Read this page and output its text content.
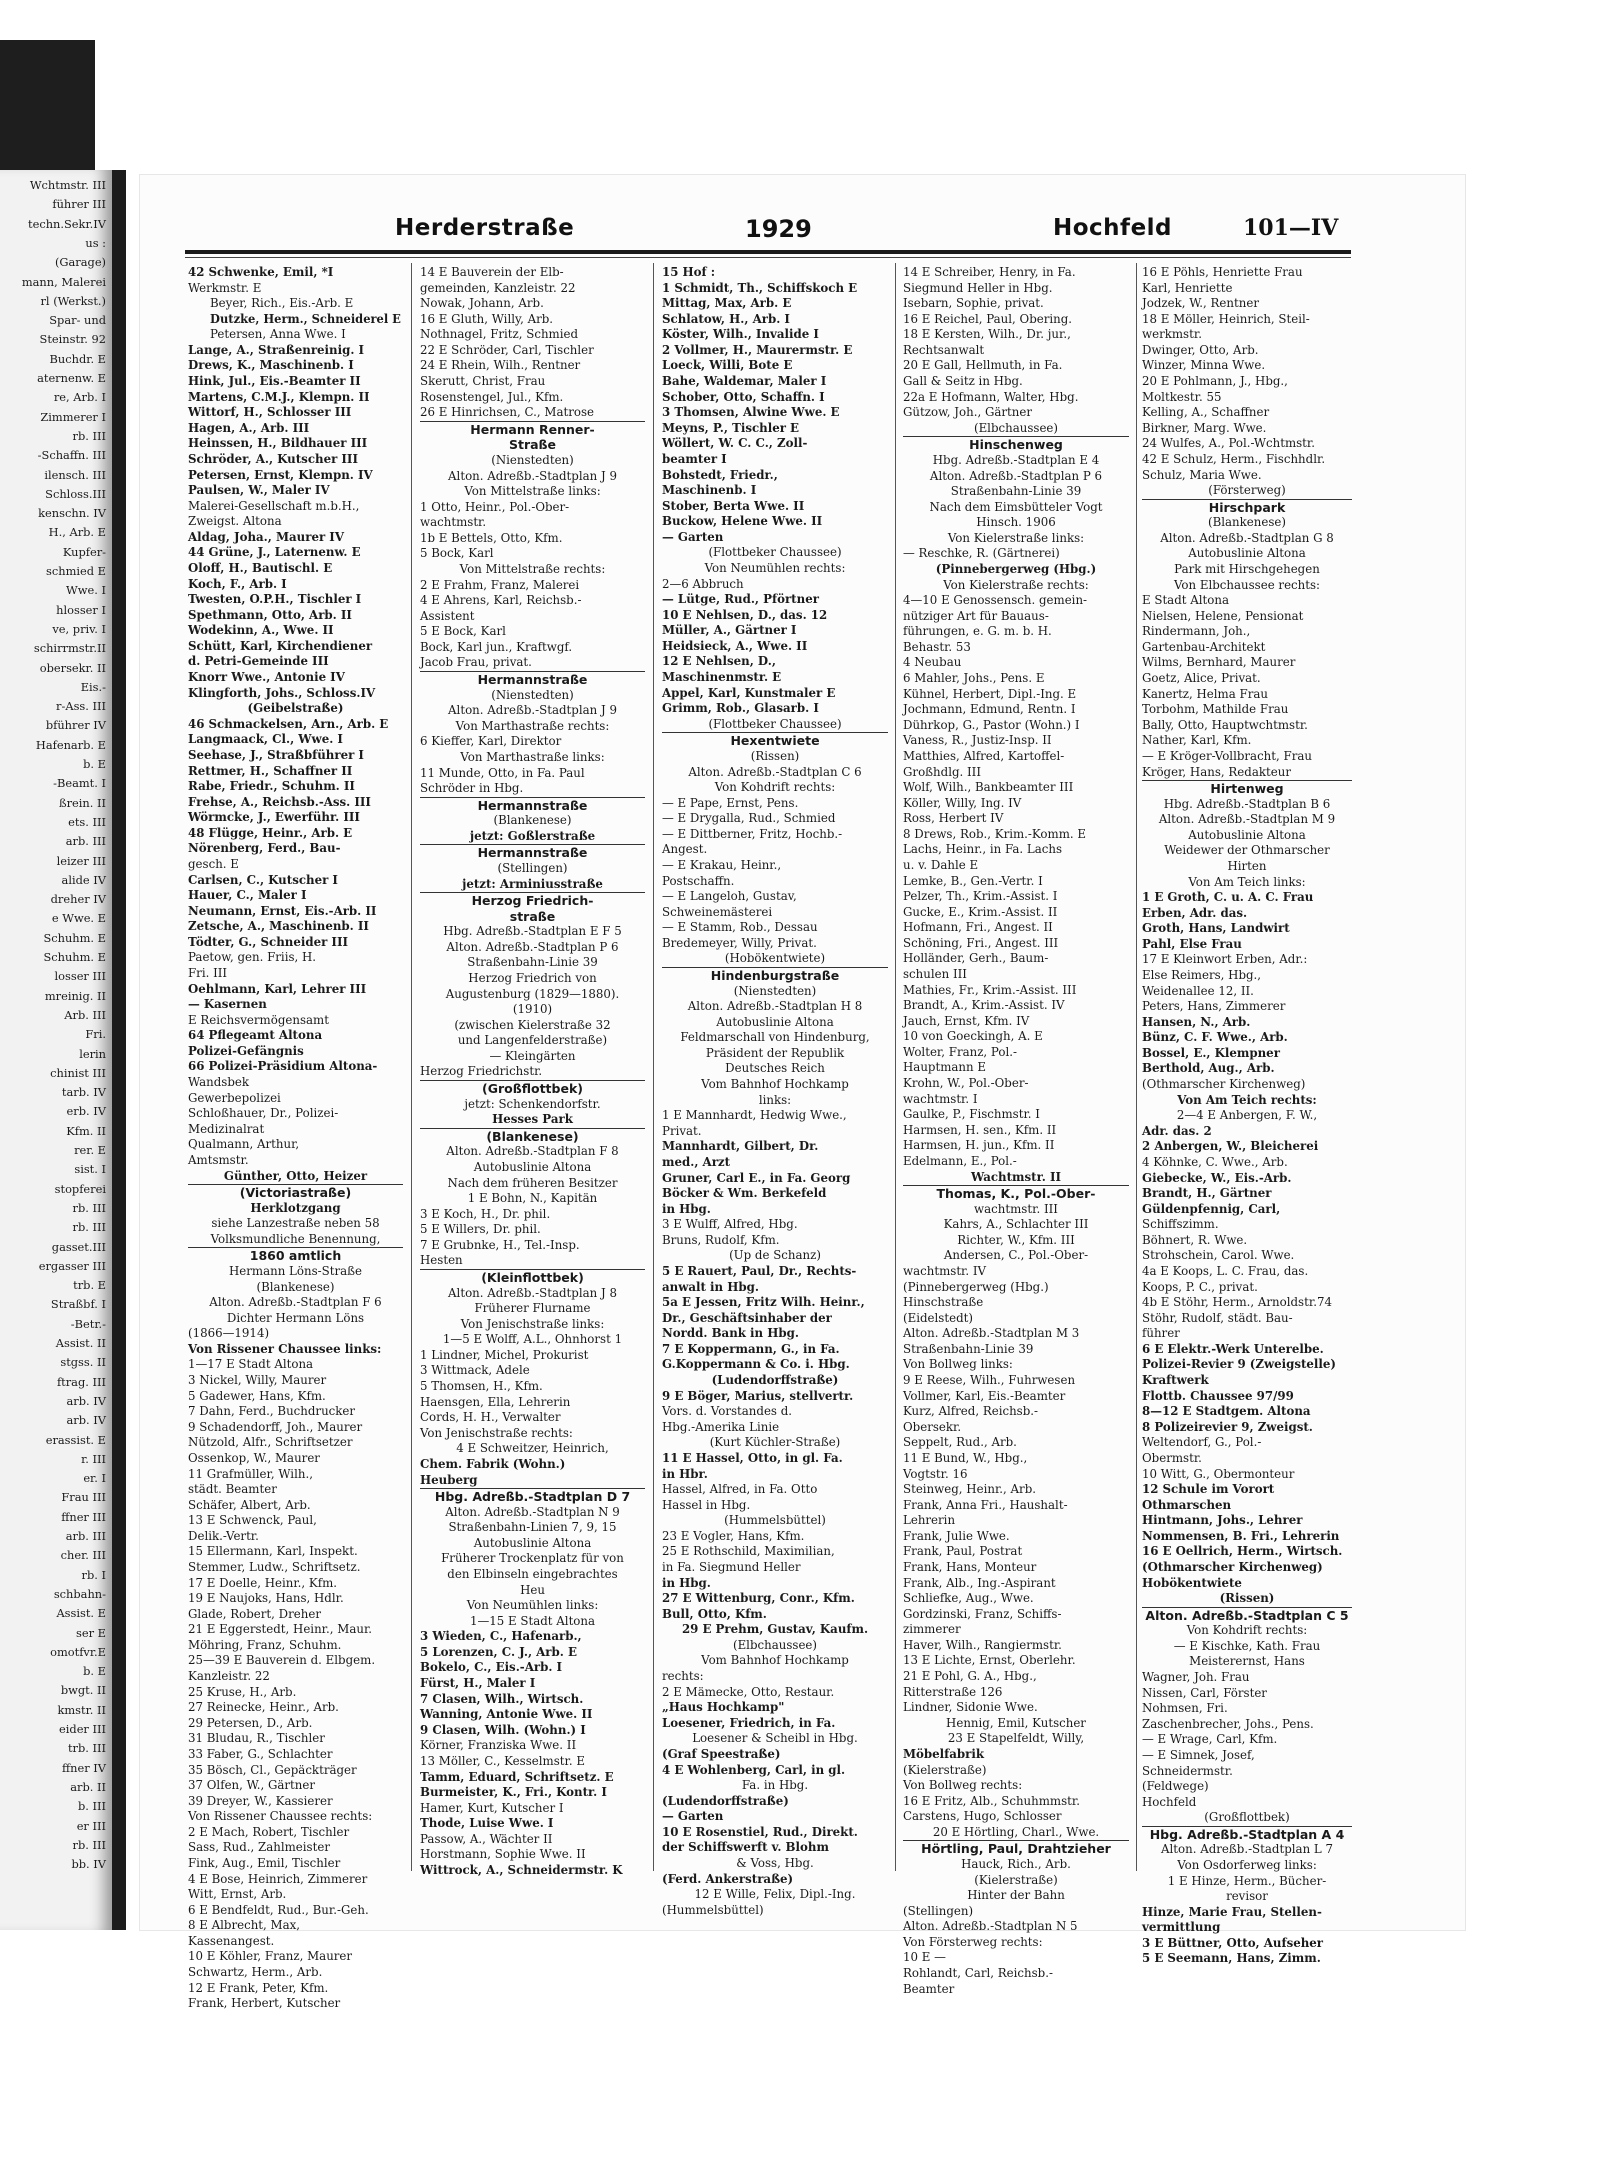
Wchtmstr. III
führer III
techn.Sekr.IV
us :
(Garage)
mann, Malerei
rl (Werkst.)
Spar- und
Steinstr. 92
Buchdr. E
aternenw. E
re, Arb. I
Zimmerer I
rb. III
-Schaffn. III
ilensch. III
Schloss.III
kenschn. IV
H., Arb. E
Kupfer-
schmied E
Wwe. I
hlosser I
ve, priv. I
schirrmstr.II
obersekr. II
Eis.-
r-Ass. III
bführer IV
Hafenarb. E
b. E
-Beamt. I
ßrein. II
ets. III
arb. III
leizer III
alide IV
dreher IV
e Wwe. E
Schuhm. E
Schuhm. E
losser III
mreinig. II
Arb. III
Fri.
lerin
chinist III
tarb. IV
erb. IV
Kfm. II
rer. E
sist. I
stopferei
rb. III
rb. III
gasset.III
ergasser III
trb. E
Straßbf. I
-Betr.-
Assist. II
stgss. II
ftrag. III
arb. IV
arb. IV
erassist. E
r. III
er. I
Frau III
ffner III
arb. III
cher. III
rb. I
schbahn-
Assist. E
ser E
omotfvr.E
b. E
bwgt. II
kmstr. II
eider III
trb. III
ffner IV
arb. II
b. III
er III
rb. III
bb. IV
Herderstraße	1929	Hochfeld	101—IV
42 Schwenke, Emil, *I
Werkmstr. E
Beyer, Rich., Eis.-Arb. E
Dutzke, Herm., Schneiderel E
Petersen, Anna Wwe. I
Lange, A., Straßenreinig. I
Drews, K., Maschinenb. I
Hink, Jul., Eis.-Beamter II
Martens, C.M.J., Klempn. II
Wittorf, H., Schlosser III
Hagen, A., Arb. III
Heinssen, H., Bildhauer III
Schröder, A., Kutscher III
Petersen, Ernst, Klempn. IV
Paulsen, W., Maler IV
Malerei-Gesellschaft m.b.H.,
Zweigst. Altona
Aldag, Joha., Maurer IV
44 Grüne, J., Laternenw. E
Oloff, H., Bautischl. E
Koch, F., Arb. I
Twesten, O.P.H., Tischler I
Spethmann, Otto, Arb. II
Wodekinn, A., Wwe. II
Schütt, Karl, Kirchendiener
d. Petri-Gemeinde III
Knorr Wwe., Antonie IV
Klingforth, Johs., Schloss.IV
(Geibelstraße)
46 Schmackelsen, Arn., Arb. E
Langmaack, Cl., Wwe. I
Seehase, J., Straßbführer I
Rettmer, H., Schaffner II
Rabe, Friedr., Schuhm. II
Frehse, A., Reichsb.-Ass. III
Wörmcke, J., Ewerführ. III
48 Flügge, Heinr., Arb. E
Nörenberg, Ferd., Bau-
gesch. E
Carlsen, C., Kutscher I
Hauer, C., Maler I
Neumann, Ernst, Eis.-Arb. II
Zetsche, A., Maschinenb. II
Tödter, G., Schneider III
Paetow, gen. Friis, H.
Fri. III
Oehlmann, Karl, Lehrer III
— Kasernen
E Reichsvermögensamt
64 Pflegeamt Altona
Polizei-Gefängnis
66 Polizei-Präsidium Altona-
Wandsbek
Gewerbepolizei
Schloßhauer, Dr., Polizei-
Medizinalrat
Qualmann, Arthur,
Amtsmstr.
Günther, Otto, Heizer
(Victoriastraße)
Herklotzgang
siehe Lanzestraße neben 58
Volksmundliche Benennung,
1860 amtlich
Hermann Löns-Straße
(Blankenese)
Alton. Adreßb.-Stadtplan F 6
Dichter Hermann Löns
(1866—1914)
Von Rissener Chaussee links:
1—17 E Stadt Altona
3 Nickel, Willy, Maurer
5 Gadewer, Hans, Kfm.
7 Dahn, Ferd., Buchdrucker
9 Schadendorff, Joh., Maurer
Nützold, Alfr., Schriftsetzer
Ossenkop, W., Maurer
11 Grafmüller, Wilh.,
städt. Beamter
Schäfer, Albert, Arb.
13 E Schwenck, Paul,
Delik.-Vertr.
15 Ellermann, Karl, Inspekt.
Stemmer, Ludw., Schriftsetz.
17 E Doelle, Heinr., Kfm.
19 E Naujoks, Hans, Hdlr.
Glade, Robert, Dreher
21 E Eggerstedt, Heinr., Maur.
Möhring, Franz, Schuhm.
25—39 E Bauverein d. Elbgem.
Kanzleistr. 22
25 Kruse, H., Arb.
27 Reinecke, Heinr., Arb.
29 Petersen, D., Arb.
31 Bludau, R., Tischler
33 Faber, G., Schlachter
35 Bösch, Cl., Gepäckträger
37 Olfen, W., Gärtner
39 Dreyer, W., Kassierer
Von Rissener Chaussee rechts:
2 E Mach, Robert, Tischler
Sass, Rud., Zahlmeister
Fink, Aug., Emil, Tischler
4 E Bose, Heinrich, Zimmerer
Witt, Ernst, Arb.
6 E Bendfeldt, Rud., Bur.-Geh.
8 E Albrecht, Max,
Kassenangest.
10 E Köhler, Franz, Maurer
Schwartz, Herm., Arb.
12 E Frank, Peter, Kfm.
Frank, Herbert, Kutscher
14 E Bauverein der Elb-
gemeinden, Kanzleistr. 22
Nowak, Johann, Arb.
16 E Gluth, Willy, Arb.
Nothnagel, Fritz, Schmied
22 E Schröder, Carl, Tischler
24 E Rhein, Wilh., Rentner
Skerutt, Christ, Frau
Rosenstengel, Jul., Kfm.
26 E Hinrichsen, C., Matrose
Hermann Renner-
Straße
(Nienstedten)
Alton. Adreßb.-Stadtplan J 9
Von Mittelstraße links:
1 Otto, Heinr., Pol.-Ober-
wachtmstr.
1b E Bettels, Otto, Kfm.
5 Bock, Karl
Von Mittelstraße rechts:
2 E Frahm, Franz, Malerei
4 E Ahrens, Karl, Reichsb.-
Assistent
5 E Bock, Karl
Bock, Karl jun., Kraftwgf.
Jacob Frau, privat.
Hermannstraße
(Nienstedten)
Alton. Adreßb.-Stadtplan J 9
Von Marthastraße rechts:
6 Kieffer, Karl, Direktor
Von Marthastraße links:
11 Munde, Otto, in Fa. Paul
Schröder in Hbg.
Hermannstraße
(Blankenese)
jetzt: Goßlerstraße
Hermannstraße
(Stellingen)
jetzt: Arminiusstraße
Herzog Friedrich-
straße
Hbg. Adreßb.-Stadtplan E F 5
Alton. Adreßb.-Stadtplan P 6
Straßenbahn-Linie 39
Herzog Friedrich von
Augustenburg (1829—1880).
(1910)
(zwischen Kielerstraße 32
und Langenfelderstraße)
— Kleingärten
Herzog Friedrichstr.
(Großflottbek)
jetzt: Schenkendorfstr.
Hesses Park
(Blankenese)
Alton. Adreßb.-Stadtplan F 8
Autobuslinie Altona
Nach dem früheren Besitzer
1 E Bohn, N., Kapitän
3 E Koch, H., Dr. phil.
5 E Willers, Dr. phil.
7 E Grubnke, H., Tel.-Insp.
Hesten
(Kleinflottbek)
Alton. Adreßb.-Stadtplan J 8
Früherer Flurname
Von Jenischstraße links:
1—5 E Wolff, A.L., Ohnhorst 1
1 Lindner, Michel, Prokurist
3 Wittmack, Adele
5 Thomsen, H., Kfm.
Haensgen, Ella, Lehrerin
Cords, H. H., Verwalter
Von Jenischstraße rechts:
4 E Schweitzer, Heinrich,
Chem. Fabrik (Wohn.)
Heuberg
Hbg. Adreßb.-Stadtplan D 7
Alton. Adreßb.-Stadtplan N 9
Straßenbahn-Linien 7, 9, 15
Autobuslinie Altona
Früherer Trockenplatz für von
den Elbinseln eingebrachtes
Heu
Von Neumühlen links:
1—15 E Stadt Altona
3 Wieden, C., Hafenarb.,
5 Lorenzen, C. J., Arb. E
Bokelo, C., Eis.-Arb. I
Fürst, H., Maler I
7 Clasen, Wilh., Wirtsch.
Wanning, Antonie Wwe. II
9 Clasen, Wilh. (Wohn.) I
Körner, Franziska Wwe. II
13 Möller, C., Kesselmstr. E
Tamm, Eduard, Schriftsetz. E
Burmeister, K., Fri., Kontr. I
Hamer, Kurt, Kutscher I
Thode, Luise Wwe. I
Passow, A., Wächter II
Horstmann, Sophie Wwe. II
Wittrock, A., Schneidermstr. K
15 Hof :
1 Schmidt, Th., Schiffskoch E
Mittag, Max, Arb. E
Schlatow, H., Arb. I
Köster, Wilh., Invalide I
2 Vollmer, H., Maurermstr. E
Loeck, Willi, Bote E
Bahe, Waldemar, Maler I
Schober, Otto, Schaffn. I
3 Thomsen, Alwine Wwe. E
Meyns, P., Tischler E
Wöllert, W. C. C., Zoll-
beamter I
Bohstedt, Friedr.,
Maschinenb. I
Stober, Berta Wwe. II
Buckow, Helene Wwe. II
— Garten
(Flottbeker Chaussee)
Von Neumühlen rechts:
2—6 Abbruch
— Lütge, Rud., Pförtner
10 E Nehlsen, D., das. 12
Müller, A., Gärtner I
Heidsieck, A., Wwe. II
12 E Nehlsen, D.,
Maschinenmstr. E
Appel, Karl, Kunstmaler E
Grimm, Rob., Glasarb. I
(Flottbeker Chaussee)
Hexentwiete
(Rissen)
Alton. Adreßb.-Stadtplan C 6
Von Kohdrift rechts:
— E Pape, Ernst, Pens.
— E Drygalla, Rud., Schmied
— E Dittberner, Fritz, Hochb.-
Angest.
— E Krakau, Heinr.,
Postschaffn.
— E Langeloh, Gustav,
Schweinemästerei
— E Stamm, Rob., Dessau
Bredemeyer, Willy, Privat.
(Hobökentwiete)
Hindenburgstraße
(Nienstedten)
Alton. Adreßb.-Stadtplan H 8
Autobuslinie Altona
Feldmarschall von Hindenburg,
Präsident der Republik
Deutsches Reich
Vom Bahnhof Hochkamp
links:
1 E Mannhardt, Hedwig Wwe.,
Privat.
Mannhardt, Gilbert, Dr.
med., Arzt
Gruner, Carl E., in Fa. Georg
Böcker & Wm. Berkefeld
in Hbg.
3 E Wulff, Alfred, Hbg.
Bruns, Rudolf, Kfm.
(Up de Schanz)
5 E Rauert, Paul, Dr., Rechts-
anwalt in Hbg.
5a E Jessen, Fritz Wilh. Heinr.,
Dr., Geschäftsinhaber der
Nordd. Bank in Hbg.
7 E Koppermann, G., in Fa.
G.Koppermann & Co. i. Hbg.
(Ludendorffstraße)
9 E Böger, Marius, stellvertr.
Vors. d. Vorstandes d.
Hbg.-Amerika Linie
(Kurt Küchler-Straße)
11 E Hassel, Otto, in gl. Fa.
in Hbr.
Hassel, Alfred, in Fa. Otto
Hassel in Hbg.
(Hummelsbüttel)
23 E Vogler, Hans, Kfm.
25 E Rothschild, Maximilian,
in Fa. Siegmund Heller
in Hbg.
27 E Wittenburg, Conr., Kfm.
Bull, Otto, Kfm.
29 E Prehm, Gustav, Kaufm.
(Elbchaussee)
Vom Bahnhof Hochkamp
rechts:
2 E Mämecke, Otto, Restaur.
„Haus Hochkamp"
Loesener, Friedrich, in Fa.
Loesener & Scheibl in Hbg.
(Graf Speestraße)
4 E Wohlenberg, Carl, in gl.
Fa. in Hbg.
(Ludendorffstraße)
— Garten
10 E Rosenstiel, Rud., Direkt.
der Schiffswerft v. Blohm
& Voss, Hbg.
(Ferd. Ankerstraße)
12 E Wille, Felix, Dipl.-Ing.
(Hummelsbüttel)
14 E Schreiber, Henry, in Fa.
Siegmund Heller in Hbg.
Isebarn, Sophie, privat.
16 E Reichel, Paul, Obering.
18 E Kersten, Wilh., Dr. jur.,
Rechtsanwalt
20 E Gall, Hellmuth, in Fa.
Gall & Seitz in Hbg.
22a E Hofmann, Walter, Hbg.
Gützow, Joh., Gärtner
(Elbchaussee)
Hinschenweg
Hbg. Adreßb.-Stadtplan E 4
Alton. Adreßb.-Stadtplan P 6
Straßenbahn-Linie 39
Nach dem Eimsbütteler Vogt
Hinsch. 1906
Von Kielerstraße links:
— Reschke, R. (Gärtnerei)
(Pinnebergerweg (Hbg.)
Von Kielerstraße rechts:
4—10 E Genossensch. gemein-
nütziger Art für Bauaus-
führungen, e. G. m. b. H.
Behastr. 53
4 Neubau
6 Mahler, Johs., Pens. E
Kühnel, Herbert, Dipl.-Ing. E
Jochmann, Edmund, Rentn. I
Dührkop, G., Pastor (Wohn.) I
Vaness, R., Justiz-Insp. II
Matthies, Alfred, Kartoffel-
Großhdlg. III
Wolf, Wilh., Bankbeamter III
Köller, Willy, Ing. IV
Ross, Herbert IV
8 Drews, Rob., Krim.-Komm. E
Lachs, Heinr., in Fa. Lachs
u. v. Dahle E
Lemke, B., Gen.-Vertr. I
Pelzer, Th., Krim.-Assist. I
Gucke, E., Krim.-Assist. II
Hofmann, Fri., Angest. II
Schöning, Fri., Angest. III
Holländer, Gerh., Baum-
schulen III
Mathies, Fr., Krim.-Assist. III
Brandt, A., Krim.-Assist. IV
Jauch, Ernst, Kfm. IV
10 von Goeckingh, A. E
Wolter, Franz, Pol.-
Hauptmann E
Krohn, W., Pol.-Ober-
wachtmstr. I
Gaulke, P., Fischmstr. I
Harmsen, H. sen., Kfm. II
Harmsen, H. jun., Kfm. II
Edelmann, E., Pol.-
Wachtmstr. II
Thomas, K., Pol.-Ober-
wachtmstr. III
Kahrs, A., Schlachter III
Richter, W., Kfm. III
Andersen, C., Pol.-Ober-
wachtmstr. IV
(Pinnebergerweg (Hbg.)
Hinschstraße
(Eidelstedt)
Alton. Adreßb.-Stadtplan M 3
Straßenbahn-Linie 39
Von Bollweg links:
9 E Reese, Wilh., Fuhrwesen
Vollmer, Karl, Eis.-Beamter
Kurz, Alfred, Reichsb.-
Obersekr.
Seppelt, Rud., Arb.
11 E Bund, W., Hbg.,
Vogtstr. 16
Steinweg, Heinr., Arb.
Frank, Anna Fri., Haushalt-
Lehrerin
Frank, Julie Wwe.
Frank, Paul, Postrat
Frank, Hans, Monteur
Frank, Alb., Ing.-Aspirant
Schliefke, Aug., Wwe.
Gordzinski, Franz, Schiffs-
zimmerer
Haver, Wilh., Rangiermstr.
13 E Lichte, Ernst, Oberlehr.
21 E Pohl, G. A., Hbg.,
Ritterstraße 126
Lindner, Sidonie Wwe.
Hennig, Emil, Kutscher
23 E Stapelfeldt, Willy,
Möbelfabrik
(Kielerstraße)
Von Bollweg rechts:
16 E Fritz, Alb., Schuhmmstr.
Carstens, Hugo, Schlosser
20 E Hörtling, Charl., Wwe.
Hörtling, Paul, Drahtzieher
Hauck, Rich., Arb.
(Kielerstraße)
Hinter der Bahn
(Stellingen)
Alton. Adreßb.-Stadtplan N 5
Von Försterweg rechts:
10 E —
Rohlandt, Carl, Reichsb.-
Beamter
16 E Pöhls, Henriette Frau
Karl, Henriette
Jodzek, W., Rentner
18 E Möller, Heinrich, Steil-
werkmstr.
Dwinger, Otto, Arb.
Winzer, Minna Wwe.
20 E Pohlmann, J., Hbg.,
Moltkestr. 55
Kelling, A., Schaffner
Birkner, Marg. Wwe.
24 Wulfes, A., Pol.-Wchtmstr.
42 E Schulz, Herm., Fischhdlr.
Schulz, Maria Wwe.
(Försterweg)
Hirschpark
(Blankenese)
Alton. Adreßb.-Stadtplan G 8
Autobuslinie Altona
Park mit Hirschgehegen
Von Elbchaussee rechts:
E Stadt Altona
Nielsen, Helene, Pensionat
Rindermann, Joh.,
Gartenbau-Architekt
Wilms, Bernhard, Maurer
Goetz, Alice, Privat.
Kanertz, Helma Frau
Torbohm, Mathilde Frau
Bally, Otto, Hauptwchtmstr.
Nather, Karl, Kfm.
— E Kröger-Vollbracht, Frau
Kröger, Hans, Redakteur
Hirtenweg
Hbg. Adreßb.-Stadtplan B 6
Alton. Adreßb.-Stadtplan M 9
Autobuslinie Altona
Weidewer der Othmarscher
Hirten
Von Am Teich links:
1 E Groth, C. u. A. C. Frau
Erben, Adr. das.
Groth, Hans, Landwirt
Pahl, Else Frau
17 E Kleinwort Erben, Adr.:
Else Reimers, Hbg.,
Weidenallee 12, II.
Peters, Hans, Zimmerer
Hansen, N., Arb.
Bünz, C. F. Wwe., Arb.
Bossel, E., Klempner
Berthold, Aug., Arb.
(Othmarscher Kirchenweg)
Von Am Teich rechts:
2—4 E Anbergen, F. W.,
Adr. das. 2
2 Anbergen, W., Bleicherei
4 Köhnke, C. Wwe., Arb.
Giebecke, W., Eis.-Arb.
Brandt, H., Gärtner
Güldenpfennig, Carl,
Schiffszimm.
Böhnert, R. Wwe.
Strohschein, Carol. Wwe.
4a E Koops, L. C. Frau, das.
Koops, P. C., privat.
4b E Stöhr, Herm., Arnoldstr.74
Stöhr, Rudolf, städt. Bau-
führer
6 E Elektr.-Werk Unterelbe.
Polizei-Revier 9 (Zweigstelle)
Kraftwerk
Flottb. Chaussee 97/99
8—12 E Stadtgem. Altona
8 Polizeirevier 9, Zweigst.
Weltendorf, G., Pol.-
Obermstr.
10 Witt, G., Obermonteur
12 Schule im Vorort
Othmarschen
Hintmann, Johs., Lehrer
Nommensen, B. Fri., Lehrerin
16 E Oellrich, Herm., Wirtsch.
(Othmarscher Kirchenweg)
Hobökentwiete
(Rissen)
Alton. Adreßb.-Stadtplan C 5
Von Kohdrift rechts:
— E Kischke, Kath. Frau
Meisterernst, Hans
Wagner, Joh. Frau
Nissen, Carl, Förster
Nohmsen, Fri.
Zaschenbrecher, Johs., Pens.
— E Wrage, Carl, Kfm.
— E Simnek, Josef,
Schneidermstr.
(Feldwege)
Hochfeld
(Großflottbek)
Hbg. Adreßb.-Stadtplan A 4
Alton. Adreßb.-Stadtplan L 7
Von Osdorferweg links:
1 E Hinze, Herm., Bücher-
revisor
Hinze, Marie Frau, Stellen-
vermittlung
3 E Büttner, Otto, Aufseher
5 E Seemann, Hans, Zimm.
